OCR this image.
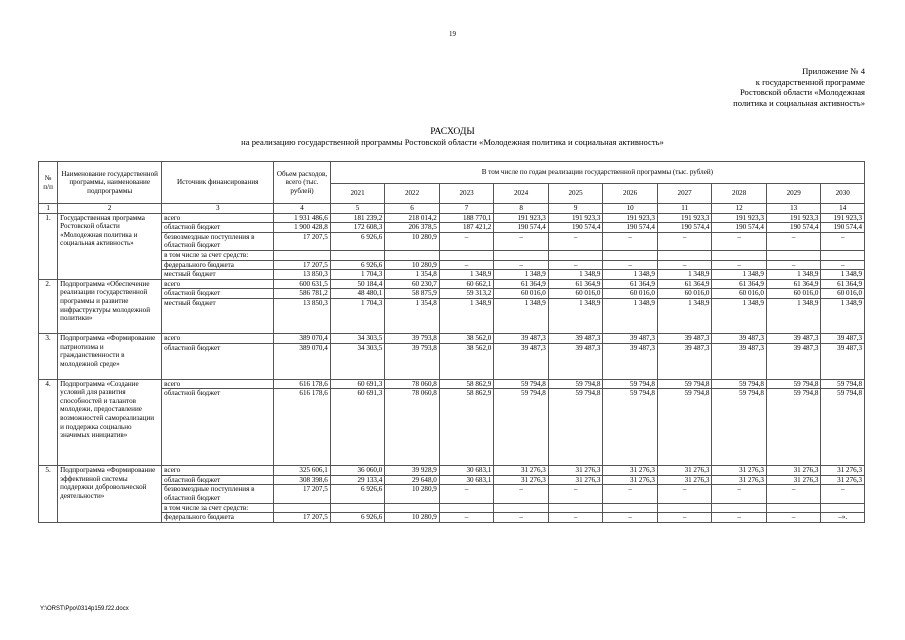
19
Приложение № 4
к государственной программе
Ростовской области «Молодежная
политика и социальная активность»
РАСХОДЫ
на реализацию государственной программы Ростовской области «Молодежная политика и социальная активность»
№ п/п	Наименование государственной программы, наименование подпрограммы	Источник финансирования	Объем расходов, всего (тыс. рублей)	В том числе по годам реализации государственной программы (тыс. рублей)									
				2021	2022	2023	2024	2025	2026	2027	2028	2029	2030
1	2	3	4	5	6	7	8	9	10	11	12	13	14
1.	Государственная программа Ростовской области «Молодежная политика и социальная активность»	всего	1 931 486,6	181 239,2	218 014,2	188 770,1	191 923,3	191 923,3	191 923,3	191 923,3	191 923,3	191 923,3	191 923,3
		областной бюджет	1 900 428,8	172 608,3	206 378,5	187 421,2	190 574,4	190 574,4	190 574,4	190 574,4	190 574,4	190 574,4	190 574,4
		безвозмездные поступления в областной бюджет	17 207,5	6 926,6	10 280,9	–	–	–	–	–	–	–	–
		в том числе за счет средств:											
		федерального бюджета	17 207,5	6 926,6	10 280,9	–	–	–	–	–	–	–	–
		местный бюджет	13 850,3	1 704,3	1 354,8	1 348,9	1 348,9	1 348,9	1 348,9	1 348,9	1 348,9	1 348,9	1 348,9
2.	Подпрограмма «Обеспечение реализации государственной программы и развитие инфраструктуры молодежной политики»	всего	600 631,5	50 184,4	60 230,7	60 662,1	61 364,9	61 364,9	61 364,9	61 364,9	61 364,9	61 364,9	61 364,9
		областной бюджет	586 781,2	48 480,1	58 875,9	59 313,2	60 016,0	60 016,0	60 016,0	60 016,0	60 016,0	60 016,0	60 016,0
		местный бюджет	13 850,3	1 704,3	1 354,8	1 348,9	1 348,9	1 348,9	1 348,9	1 348,9	1 348,9	1 348,9	1 348,9
3.	Подпрограмма «Формирование патриотизма и гражданственности в молодежной среде»	всего	389 070,4	34 303,5	39 793,8	38 562,0	39 487,3	39 487,3	39 487,3	39 487,3	39 487,3	39 487,3	39 487,3
		областной бюджет	389 070,4	34 303,5	39 793,8	38 562,0	39 487,3	39 487,3	39 487,3	39 487,3	39 487,3	39 487,3	39 487,3
4.	Подпрограмма «Создание условий для развития способностей и талантов молодежи, предоставление возможностей самореализации и поддержка социально значимых инициатив»	всего	616 178,6	60 691,3	78 060,8	58 862,9	59 794,8	59 794,8	59 794,8	59 794,8	59 794,8	59 794,8	59 794,8
		областной бюджет	616 178,6	60 691,3	78 060,8	58 862,9	59 794,8	59 794,8	59 794,8	59 794,8	59 794,8	59 794,8	59 794,8
5.	Подпрограмма «Формирование эффективной системы поддержки добровольческой деятельности»	всего	325 606,1	36 060,0	39 928,9	30 683,1	31 276,3	31 276,3	31 276,3	31 276,3	31 276,3	31 276,3	31 276,3
		областной бюджет	308 398,6	29 133,4	29 648,0	30 683,1	31 276,3	31 276,3	31 276,3	31 276,3	31 276,3	31 276,3	31 276,3
		безвозмездные поступления в областной бюджет	17 207,5	6 926,6	10 280,9	–	–	–	–	–	–	–	–
		в том числе за счет средств:											
		федерального бюджета	17 207,5	6 926,6	10 280,9	–	–	–	–	–	–	–	–».
Y:\ORST\Ppo\0314p159.f22.docx
